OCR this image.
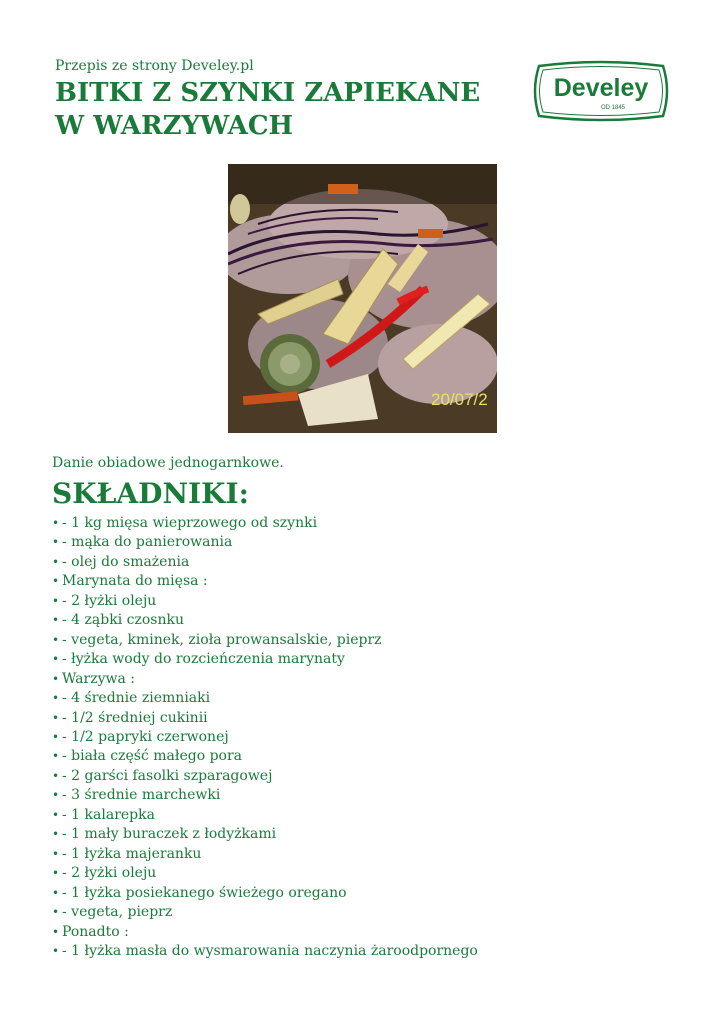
Przepis ze strony Develey.pl
BITKI Z SZYNKI ZAPIEKANE W WARZYWACH
Develey
OD 1845
20/07/2
Danie obiadowe jednogarnkowe.
SKŁADNIKI:
• - 1 kg mięsa wieprzowego od szynki
• - mąka do panierowania
• - olej do smażenia
• Marynata do mięsa :
• - 2 łyżki oleju
• - 4 ząbki czosnku
• - vegeta, kminek, zioła prowansalskie, pieprz
• - łyżka wody do rozcieńczenia marynaty
• Warzywa :
• - 4 średnie ziemniaki
• - 1/2 średniej cukinii
• - 1/2 papryki czerwonej
• - biała część małego pora
• - 2 garści fasolki szparagowej
• - 3 średnie marchewki
• - 1 kalarepka
• - 1 mały buraczek z łodyżkami
• - 1 łyżka majeranku
• - 2 łyżki oleju
• - 1 łyżka posiekanego świeżego oregano
• - vegeta, pieprz
• Ponadto :
• - 1 łyżka masła do wysmarowania naczynia żaroodpornego
